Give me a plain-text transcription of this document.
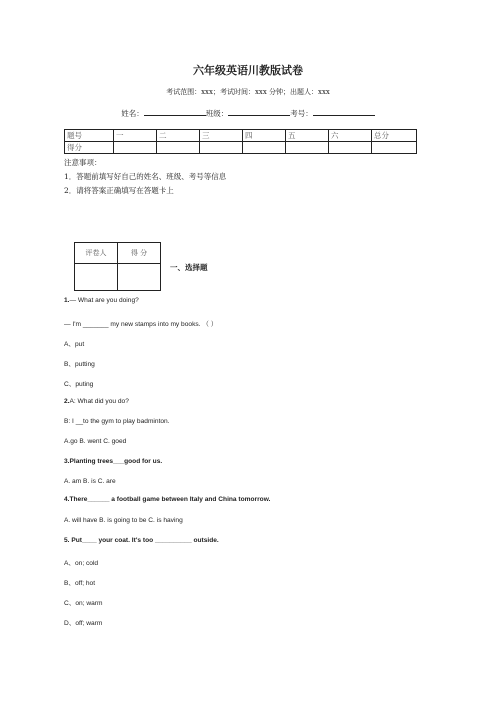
六年级英语川教版试卷
考试范围：xxx；考试时间：xxx 分钟；出题人：xxx
姓名：	班级：	考号：
题号	一	二	三	四	五	六	总分
得分							
注意事项：
1．答题前填写好自己的姓名、班级、考号等信息
2．请将答案正确填写在答题卡上
评卷人	得 分

一、选择题
1.— What are you doing?
— I'm _______ my new stamps into my books. （ ）
A、put
B、putting
C、puting
2.A: What did you do?
B: I __to the gym to play badminton.
A.go B. went C. goed
3.Planting trees___good for us.
A. am B. is C. are
4.There______ a football game between Italy and China tomorrow.
A. will have B. is going to be C. is having
5. Put____ your coat. It's too __________ outside.
A、on; cold
B、off; hot
C、on; warm
D、off; warm
